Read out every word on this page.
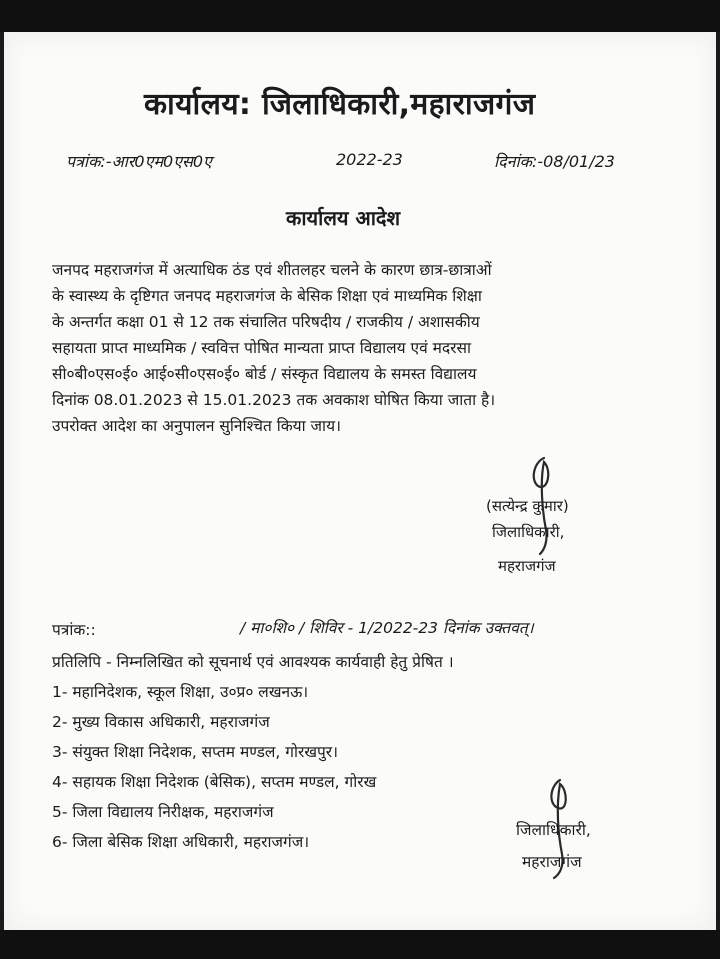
कार्यालय: जिलाधिकारी,महाराजगंज
पत्रांक:-आर0एम0एस0ए	2022-23	दिनांक:-08/01/23
कार्यालय आदेश
जनपद महराजगंज में अत्याधिक ठंड एवं शीतलहर चलने के कारण छात्र-छात्राओं
के स्वास्थ्य के दृष्टिगत जनपद महराजगंज के बेसिक शिक्षा एवं माध्यमिक शिक्षा
के अन्तर्गत कक्षा 01 से 12 तक संचालित परिषदीय / राजकीय / अशासकीय
सहायता प्राप्त माध्यमिक / स्ववित्त पोषित मान्यता प्राप्त विद्यालय एवं मदरसा
सी०बी०एस०ई० आई०सी०एस०ई० बोर्ड / संस्कृत विद्यालय के समस्त विद्यालय
दिनांक 08.01.2023 से 15.01.2023 तक अवकाश घोषित किया जाता है।
उपरोक्त आदेश का अनुपालन सुनिश्चित किया जाय।
(सत्येन्द्र कुमार)
जिलाधिकारी,
महराजगंज
पत्रांक::	/ मा०शि० / शिविर - 1/2022-23 दिनांक उक्तवत्।
प्रतिलिपि - निम्नलिखित को सूचनार्थ एवं आवश्यक कार्यवाही हेतु प्रेषित ।
1- महानिदेशक, स्कूल शिक्षा, उ०प्र० लखनऊ।
2- मुख्य विकास अधिकारी, महराजगंज
3- संयुक्त शिक्षा निदेशक, सप्तम मण्डल, गोरखपुर।
4- सहायक शिक्षा निदेशक (बेसिक), सप्तम मण्डल, गोरख
5- जिला विद्यालय निरीक्षक, महराजगंज
6- जिला बेसिक शिक्षा अधिकारी, महराजगंज।
जिलाधिकारी,
महराजगंज
